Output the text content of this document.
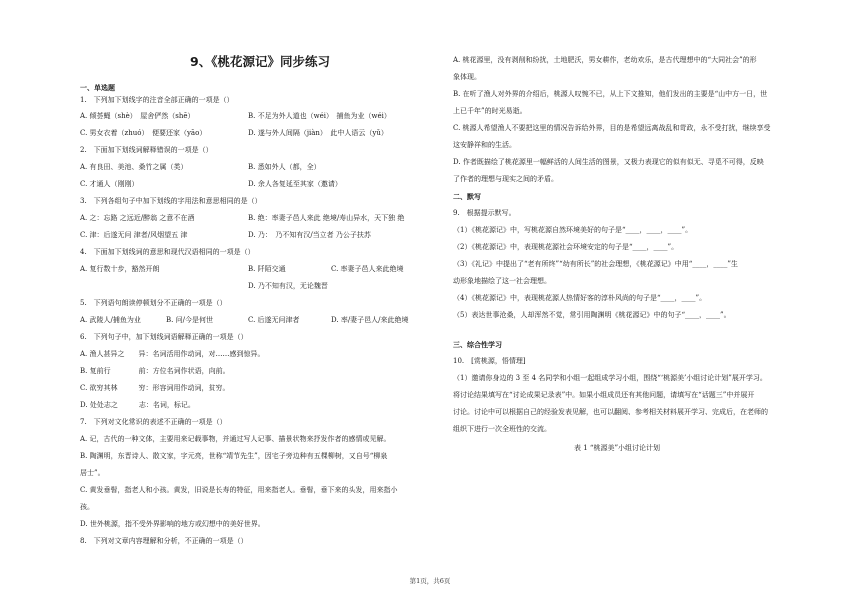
9、《桃花源记》同步练习
一、单选题
1.　下列加下划线字的注音全部正确的一项是（）
A. 倾荟蝇（shè）　屋舍俨然（shē）	B. 不足为外人道也（wéi）　捕鱼为业（wéi）
C. 男女衣着（zhuó）　便要还家（yāo）	D. 遂与外人间隔（jiàn）　此中人语云（yǔ）
2.　下面加下划线词解释错误的一项是（）
A. 有良田、美池、桑竹之属（类）	B. 悉如外人（都，全）
C. 才通人（刚刚）	D. 余人各复延至其家（邀请）
3.　下列各组句子中加下划线的字用法和意思相同的是（）
A. 之：忘路 之远近/醉翁 之意不在酒	B. 绝：率妻子邑人来此 绝境/寿山异水，天下独 绝
C. 津：后遂无问 津者/风烟望五 津	D. 乃：　乃不知有汉/当立者 乃公子扶苏
4.　下面加下划线词的意思和现代汉语相同的一项是（）
A. 复行数十步，豁然开朗	B. 阡陌交通	C. 率妻子邑人来此绝境
D. 乃不知有汉，无论魏晋
5.　下列语句朗读停顿划分不正确的一项是（）
A. 武陵人/捕鱼为业	B. 问/今是何世	C. 后遂无问津者	D. 率/妻子邑人/来此绝境
6.　下列句子中，加下划线词语解释正确的一项是（）
A. 渔人甚异之　　异：名词活用作动词，对……感到惊异。
B. 复前行　　　　前：方位名词作状语，向前。
C. 欲穷其林　　　穷：形容词用作动词，贫穷。
D. 处处志之　　　志：名词，标记。
7.　下列对文化常识的表述不正确的一项是（）
A. 记，古代的一种文体，主要用来记载事物，并通过写人记事、描景状物来抒发作者的感情或见解。
B. 陶渊明，东晋诗人、散文家，字元亮，世称“靖节先生”，因宅子旁边种有五棵柳树，又自号“柳泉
居士”。
C. 黄发垂髫，指老人和小孩。黄发，旧说是长寿的特征，用来指老人。垂髫，垂下来的头发，用来指小
孩。
D. 世外桃源，指不受外界影响的地方或幻想中的美好世界。
8.　下列对文章内容理解和分析，不正确的一项是（）
A. 桃花源里，没有剥削和纷扰，土地肥沃，男女耕作，老幼欢乐，是古代理想中的“大同社会”的形
象体现。
B. 在听了渔人对外界的介绍后，桃源人叹惋不已，从上下文推知，他们发出的主要是“山中方一日，世
上已千年”的时光易逝。
C. 桃源人希望渔人不要把这里的情况告诉给外界，目的是希望远离战乱和苛政，永不受打扰，继续享受
这安静祥和的生活。
D. 作者既描绘了桃花源里一幅鲜活的人间生活的图景，又极力表现它的似有似无、寻觅不可得，反映
了作者的理想与现实之间的矛盾。
二、默写
9.　根据提示默写。
（1）《桃花源记》中，写桃花源自然环境美好的句子是“____，____，____”。
（2）《桃花源记》中，表现桃花源社会环境安定的句子是“____，____”。
（3）《礼记》中提出了“老有所终”“幼有所长”的社会理想，《桃花源记》中用“____，____”生
动形象地描绘了这一社会理想。
（4）《桃花源记》中，表现桃花源人热情好客的淳朴风尚的句子是“____，____”。
（5）表达世事沧桑，人却浑然不觉，常引用陶渊明《桃花源记》中的句子“____，____”。
三、综合性学习
10.　[赏桃源，悟情理]
（1）邀请你身边的 3 至 4 名同学和小组一起组成学习小组，围绕“‘桃源美’小组讨论计划”展开学习。
将讨论结果填写在“讨论成果记录表”中。如果小组成员还有其他问题，请填写在“话题三”中并展开
讨论。讨论中可以根据自己的经验发表见解，也可以翻阅、参考相关材料展开学习、完成后，在老师的
组织下进行一次全班性的交流。
表 1 “桃源美”小组讨论计划
第1页，共6页
